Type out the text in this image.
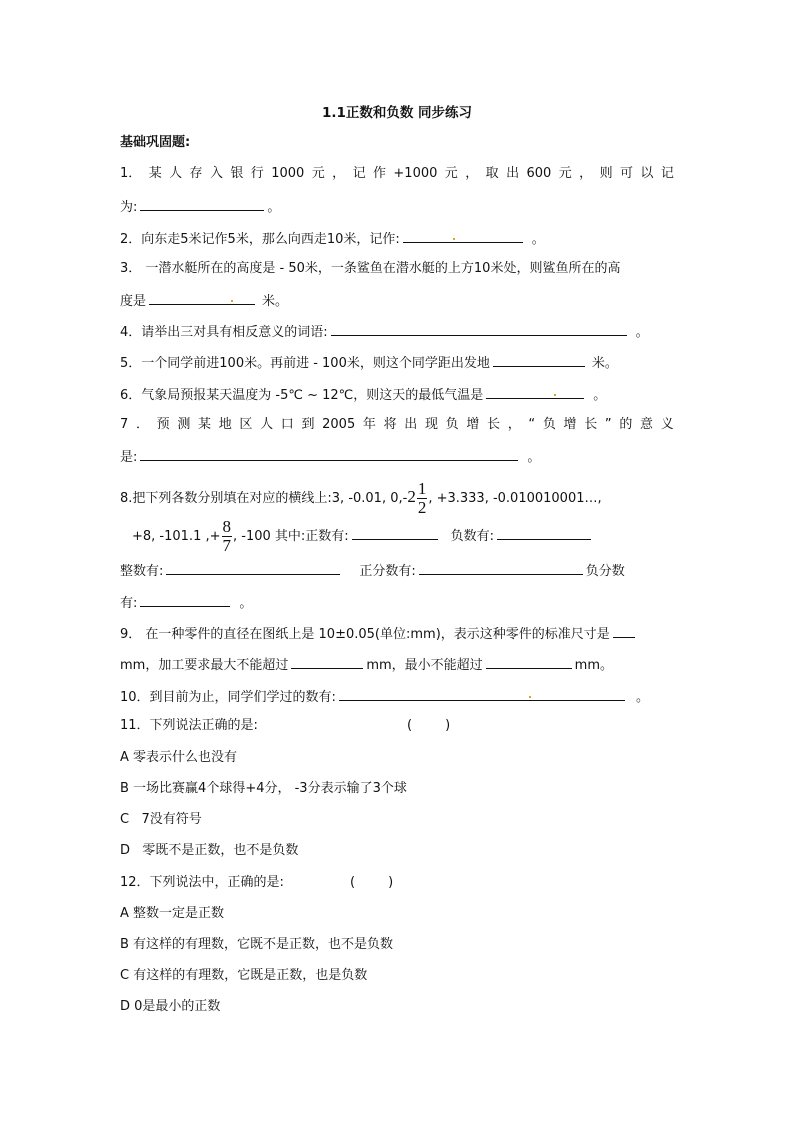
1.1正数和负数 同步练习
基础巩固题:
1． 某 人 存 入 银 行 1000 元 ， 记 作 +1000 元 ， 取 出 600 元 ， 则 可 以 记
为:	。
2．向东走5米记作5米，那么向西走10米，记作:	。
3． 一潜水艇所在的高度是 - 50米，一条鲨鱼在潜水艇的上方10米处，则鲨鱼所在的高
度是	米。
4．请举出三对具有相反意义的词语:	。
5．一个同学前进100米。再前进 - 100米，则这个同学距出发地	米。
6．气象局预报某天温度为 -5℃ ~ 12℃，则这天的最低气温是	。
7 ． 预 测 某 地 区 人 口 到 2005 年 将 出 现 负 增 长 ， “ 负 增 长 ” 的 意 义
是:	。
8.把下列各数分别填在对应的横线上:3, -0.01, $0,-2 \frac{1}{2}$ , +3.333, -0.010010001…,
+8, -101.1 ,+ $\frac{8}{7}$ , -100 其中:正数有:	负数有:
整数有:	正分数有:	负分数
有:	。
9． 在一种零件的直径在图纸上是 10±0.05(单位:mm)，表示这种零件的标准尺寸是
mm，加工要求最大不能超过	mm，最小不能超过	mm。
10．到目前为止，同学们学过的数有:	。
11．下列说法正确的是:	(        )
A 零表示什么也没有
B 一场比赛赢4个球得+4分， -3分表示输了3个球
C   7没有符号
D   零既不是正数，也不是负数
12．下列说法中，正确的是:	(        )
A 整数一定是正数
B 有这样的有理数，它既不是正数，也不是负数
C 有这样的有理数，它既是正数，也是负数
D 0是最小的正数
